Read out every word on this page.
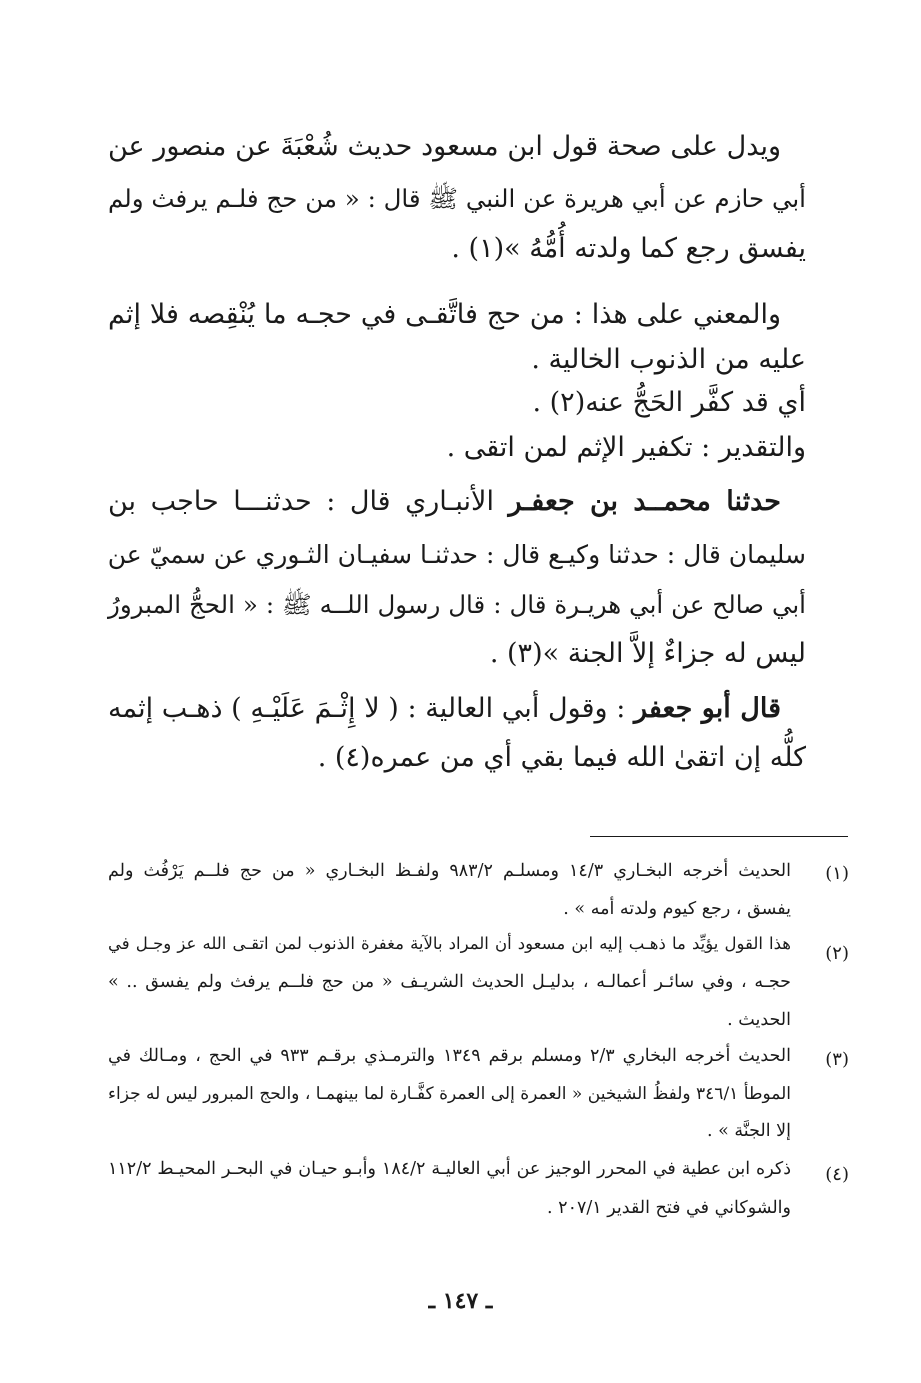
ويدل على صحة قول ابن مسعود حديث شُعْبَةَ عن منصور عن
أبي حازم عن أبي هريرة عن النبي ﷺ قال : « من حج فلـم يرفث ولم
يفسق رجع كما ولدته أُمُّهُ »(١) .
والمعني على هذا : من حج فاتَّقـى في حجـه ما يُنْقِصه فلا إثم
عليه من الذنوب الخالية .
أي قد كفَّر الحَجُّ عنه(٢) .
والتقدير : تكفير الإثم لمن اتقى .
حدثنا محمــد بن جعفـر الأنبـاري قال : حدثنـــا حاجب بن
سليمان قال : حدثنا وكيـع قال : حدثنـا سفيـان الثـوري عن سميّ عن
أبي صالح عن أبي هريـرة قال : قال رسول اللــه ﷺ : « الحجُّ المبرورُ
ليس له جزاءٌ إلاَّ الجنة »(٣) .
قال أبو جعفر : وقول أبي العالية : ( لا إِثْـمَ عَلَيْـهِ ) ذهـب إثمه
كلُّه إن اتقىٰ الله فيما بقي أي من عمره(٤) .
(١)
الحديث أخرجه البخـاري ١٤/٣ ومسلـم ٩٨٣/٢ ولفـظ البخـاري « من حج فلــم يَرْفُث ولم
يفسق ، رجع كيوم ولدته أمه » .
(٢)
هذا القول يؤيِّد ما ذهـب إليه ابن مسعود أن المراد بالآية مغفرة الذنوب لمن اتقـى الله عز وجـل في
حجـه ، وفي سائـر أعمالـه ، بدليـل الحديث الشريـف « من حج فلــم يرفث ولم يفسق .. »
الحديث .
(٣)
الحديث أخرجه البخاري ٢/٣ ومسلم برقم ١٣٤٩ والترمـذي برقـم ٩٣٣ في الحج ، ومـالك في
الموطأ ٣٤٦/١ ولفظُ الشيخين « العمرة إلى العمرة كفَّـارة لما بينهمـا ، والحج المبرور ليس له جزاء
إلا الجنَّة » .
(٤)
ذكره ابن عطية في المحرر الوجيز عن أبي العاليـة ١٨٤/٢ وأبـو حيـان في البحـر المحيـط ١١٢/٢
والشوكاني في فتح القدير ٢٠٧/١ .
ـ ١٤٧ ـ
